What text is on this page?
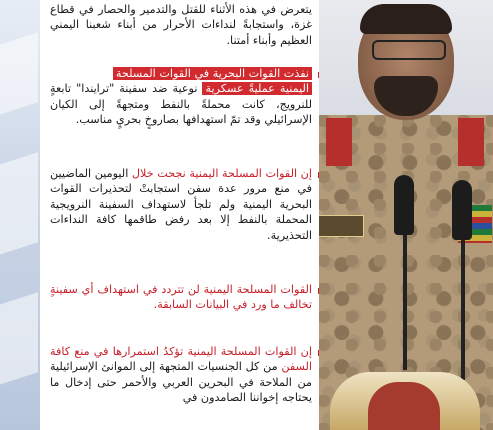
يتعرض في هذه الأثناء للقتل والتدمير والحصار في قطاع غزة، واستجابةً لنداءات الأحرار من أبناء شعبنا اليمني العظيم وأبناء أمتنا.

نفذت القوات البحرية في القوات المسلحة
اليمنية عمليةً عسكرية نوعية ضد سفينة "ترايندا" تابعةٍ للنرويج، كانت محملةً بالنفط ومتجهةً إلى الكيان الإسرائيلي وقد تمّ استهدافها بصاروخٍ بحريٍ مناسب.

إن القوات المسلحة اليمنية نجحت خلال اليومين الماضيين في منع مرور عدة سفن استجابتْ لتحذيرات القوات البحرية اليمنية ولم تلجأ لاستهداف السفينة النرويجية المحملة بالنفط إلا بعد رفض طاقمها كافة النداءات التحذيرية.

القوات المسلحة اليمنية لن تتردد في استهداف أي سفينةٍ تخالف ما ورد في البيانات السابقة.

إن القوات المسلحة اليمنية تؤكدُ استمرارها في منع كافة السفن من كل الجنسيات المتجهة إلى الموانئ الإسرائيلية من الملاحة في البحرين العربي والأحمر حتى إدخال ما يحتاجه إخواننا الصامدون في
